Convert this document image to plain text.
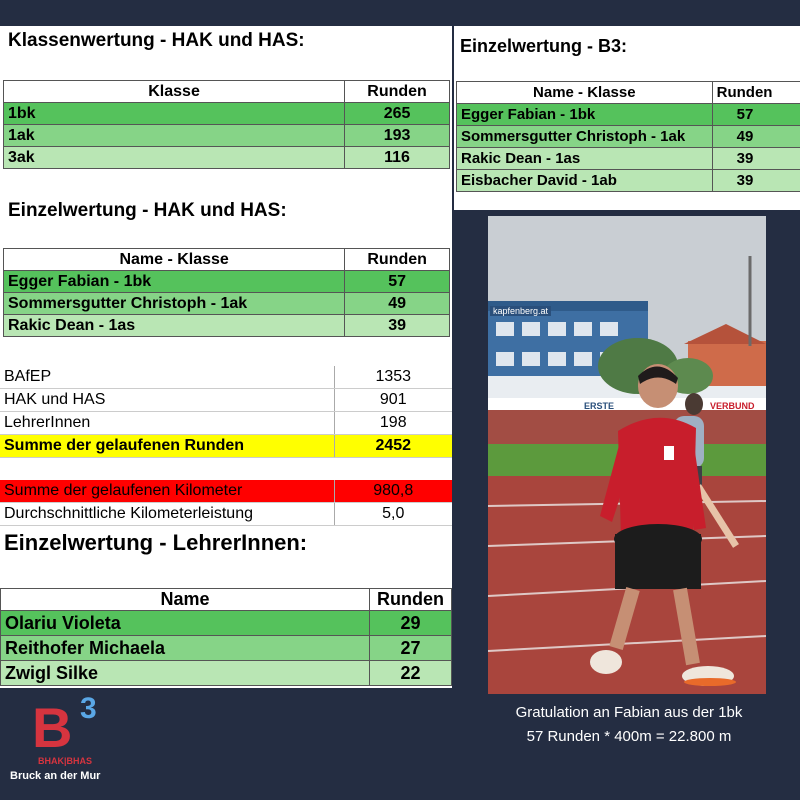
Klassenwertung - HAK und HAS:
Klasse	Runden
1bk	265
1ak	193
3ak	116
Einzelwertung - HAK und HAS:
Name - Klasse	Runden
Egger Fabian - 1bk	57
Sommersgutter Christoph - 1ak	49
Rakic Dean - 1as	39
BAfEP	1353
HAK und HAS	901
LehrerInnen	198
Summe der gelaufenen Runden	2452

Summe der gelaufenen Kilometer	980,8
Durchschnittliche Kilometerleistung	5,0
Einzelwertung - LehrerInnen:
Name	Runden
Olariu Violeta	29
Reithofer Michaela	27
Zwigl Silke	22
Einzelwertung - B3:
Name - Klasse	Runden
Egger Fabian - 1bk	57
Sommersgutter Christoph - 1ak	49
Rakic Dean - 1as	39
Eisbacher David - 1ab	39
kapfenberg.at
ERSTE	VERBUND
Gratulation an Fabian aus der 1bk
57 Runden * 400m = 22.800 m
B 3
BHAK|BHAS
Bruck an der Mur
